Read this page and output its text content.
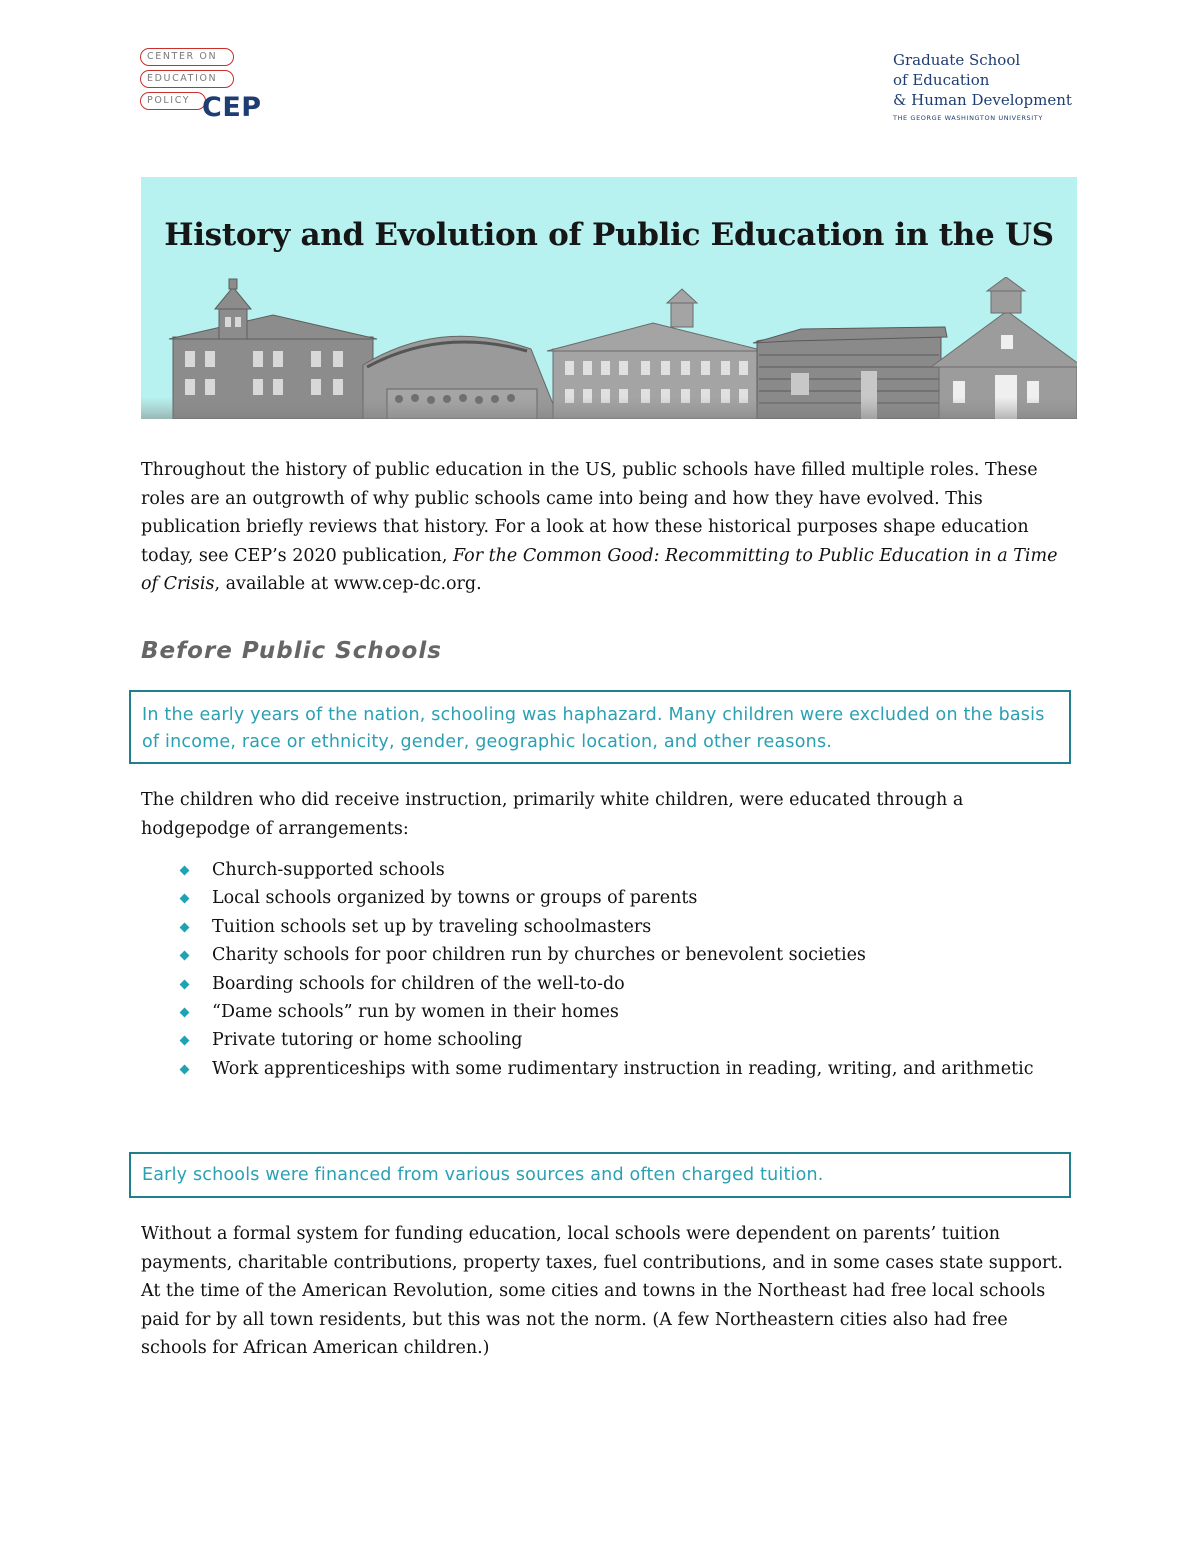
CENTER ON
EDUCATION
POLICY CEP
Graduate School
of Education
& Human Development
THE GEORGE WASHINGTON UNIVERSITY
History and Evolution of Public Education in the US
Throughout the history of public education in the US, public schools have filled multiple roles. These roles are an outgrowth of why public schools came into being and how they have evolved. This publication briefly reviews that history. For a look at how these historical purposes shape education today, see CEP’s 2020 publication, For the Common Good: Recommitting to Public Education in a Time of Crisis, available at www.cep-dc.org.
Before Public Schools
In the early years of the nation, schooling was haphazard. Many children were excluded on the basis of income, race or ethnicity, gender, geographic location, and other reasons.
The children who did receive instruction, primarily white children, were educated through a hodgepodge of arrangements:
Church-supported schools
Local schools organized by towns or groups of parents
Tuition schools set up by traveling schoolmasters
Charity schools for poor children run by churches or benevolent societies
Boarding schools for children of the well-to-do
“Dame schools” run by women in their homes
Private tutoring or home schooling
Work apprenticeships with some rudimentary instruction in reading, writing, and arithmetic
Early schools were financed from various sources and often charged tuition.
Without a formal system for funding education, local schools were dependent on parents’ tuition payments, charitable contributions, property taxes, fuel contributions, and in some cases state support. At the time of the American Revolution, some cities and towns in the Northeast had free local schools paid for by all town residents, but this was not the norm. (A few Northeastern cities also had free schools for African American children.)
